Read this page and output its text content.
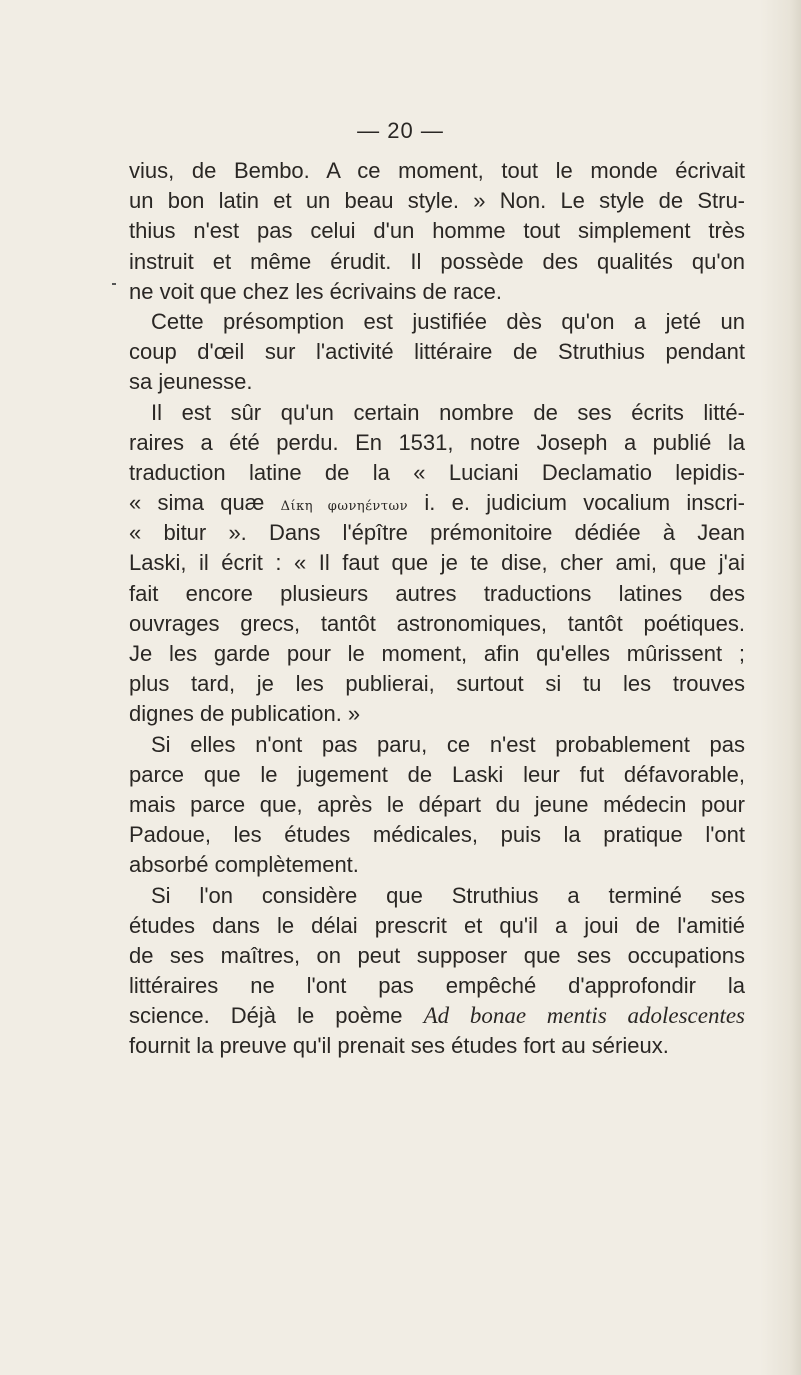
— 20 —
vius, de Bembo. A ce moment, tout le monde écrivait
un bon latin et un beau style. » Non. Le style de Stru-
thius n'est pas celui d'un homme tout simplement très
instruit et même érudit. Il possède des qualités qu'on
ne voit que chez les écrivains de race.
Cette présomption est justifiée dès qu'on a jeté un
coup d'œil sur l'activité littéraire de Struthius pendant
sa jeunesse.
Il est sûr qu'un certain nombre de ses écrits litté-
raires a été perdu. En 1531, notre Joseph a publié la
traduction latine de la « Luciani Declamatio lepidis-
« sima quæ Δίκη φωνηέντων i. e. judicium vocalium inscri-
« bitur ». Dans l'épître prémonitoire dédiée à Jean
Laski, il écrit : « Il faut que je te dise, cher ami, que j'ai
fait encore plusieurs autres traductions latines des
ouvrages grecs, tantôt astronomiques, tantôt poétiques.
Je les garde pour le moment, afin qu'elles mûrissent ;
plus tard, je les publierai, surtout si tu les trouves
dignes de publication. »
Si elles n'ont pas paru, ce n'est probablement pas
parce que le jugement de Laski leur fut défavorable,
mais parce que, après le départ du jeune médecin pour
Padoue, les études médicales, puis la pratique l'ont
absorbé complètement.
Si l'on considère que Struthius a terminé ses
études dans le délai prescrit et qu'il a joui de l'amitié
de ses maîtres, on peut supposer que ses occupations
littéraires ne l'ont pas empêché d'approfondir la
science. Déjà le poème Ad bonae mentis adolescentes
fournit la preuve qu'il prenait ses études fort au sérieux.
